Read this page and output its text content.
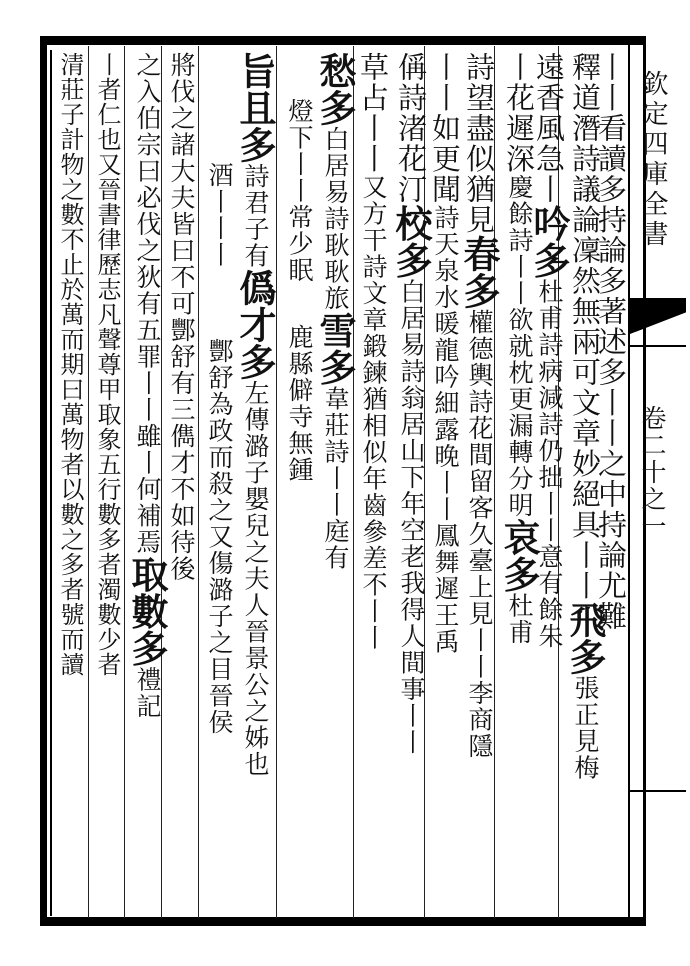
欽定四庫全書
卷二十之一
丨丨看讀多持論多著述多丨丨之中持論尤難
釋道潛詩議論凜然無兩可文章妙絕具丨丨飛多張正見梅
遠香風急丨吟多杜甫詩病減詩仍拙丨丨意有餘朱
丨花遲深慶餘詩丨丨欲就枕更漏轉分明哀多杜甫
詩望盡似猶見春多權德輿詩花間留客久臺上見丨丨李商隱
丨丨如更聞詩天泉水暖龍吟細露晚丨丨鳳舞遲王禹
偁詩渚花汀校多白居易詩翁居山下年空老我得人間事丨丨
草占丨丨又方干詩文章鍛鍊猶相似年齒參差不丨丨
愁多白居易詩耿耿旅雪多韋莊詩丨丨庭有
燈下丨丨常少眠鹿縣僻寺無鍾
旨且多詩君子有僞才多左傳潞子嬰兒之夫人晉景公之姊也
酒丨丨丨酆舒為政而殺之又傷潞子之目晉侯
將伐之諸大夫皆曰不可酆舒有三儁才不如待後
之入伯宗曰必伐之狄有五罪丨丨雖丨何補焉取數多禮記
丨者仁也又晉書律歷志凡聲尊甲取象五行數多者濁數少者
清莊子計物之數不止於萬而期曰萬物者以數之多者號而讀
